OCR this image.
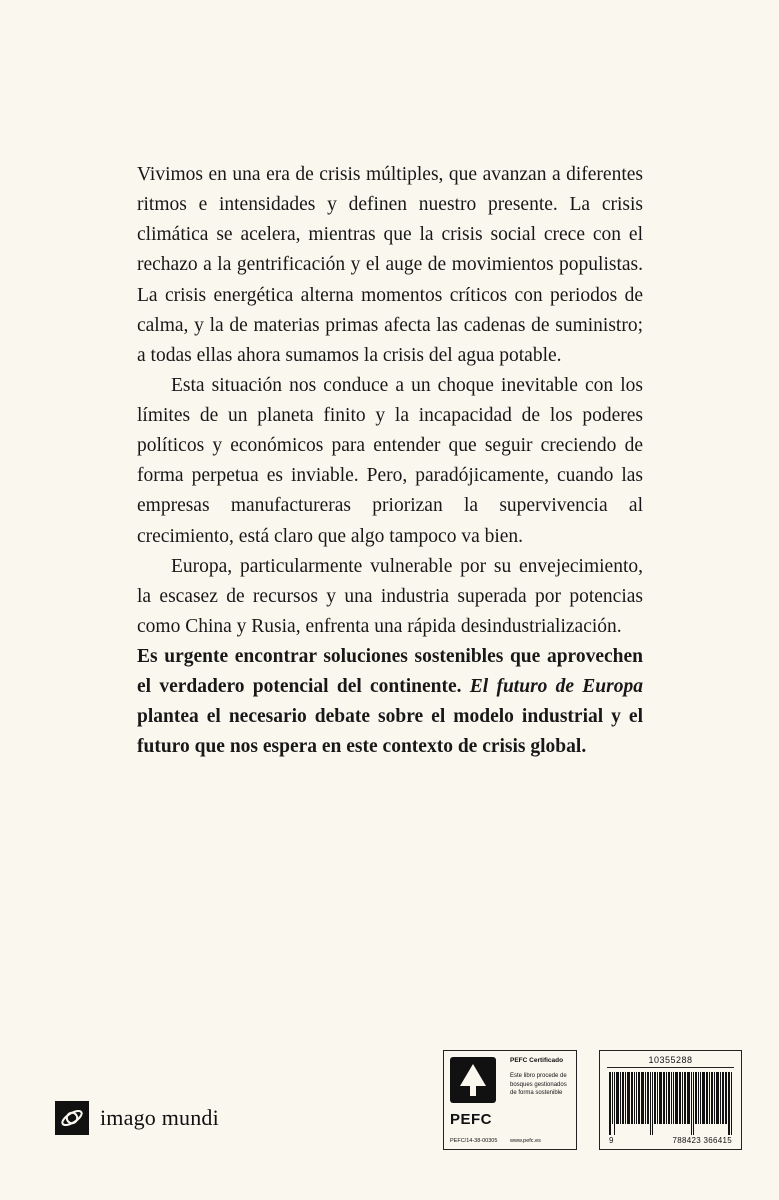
Vivimos en una era de crisis múltiples, que avanzan a diferentes ritmos e intensidades y definen nuestro presente. La crisis climática se acelera, mientras que la crisis social crece con el rechazo a la gentrificación y el auge de movimientos populistas. La crisis energética alterna momentos críticos con periodos de calma, y la de materias primas afecta las cadenas de suministro; a todas ellas ahora sumamos la crisis del agua potable.

Esta situación nos conduce a un choque inevitable con los límites de un planeta finito y la incapacidad de los poderes políticos y económicos para entender que seguir creciendo de forma perpetua es inviable. Pero, paradójicamente, cuando las empresas manufactureras priorizan la supervivencia al crecimiento, está claro que algo tampoco va bien.

Europa, particularmente vulnerable por su envejecimiento, la escasez de recursos y una industria superada por potencias como China y Rusia, enfrenta una rápida desindustrialización.

Es urgente encontrar soluciones sostenibles que aprovechen el verdadero potencial del continente. El futuro de Europa plantea el necesario debate sobre el modelo industrial y el futuro que nos espera en este contexto de crisis global.

PEFC
PEFC/14-38-00305
PEFC Certificado
Este libro procede de bosques gestionados de forma sostenible
www.pefc.es
10355288
9	788423 366415
imago mundi
